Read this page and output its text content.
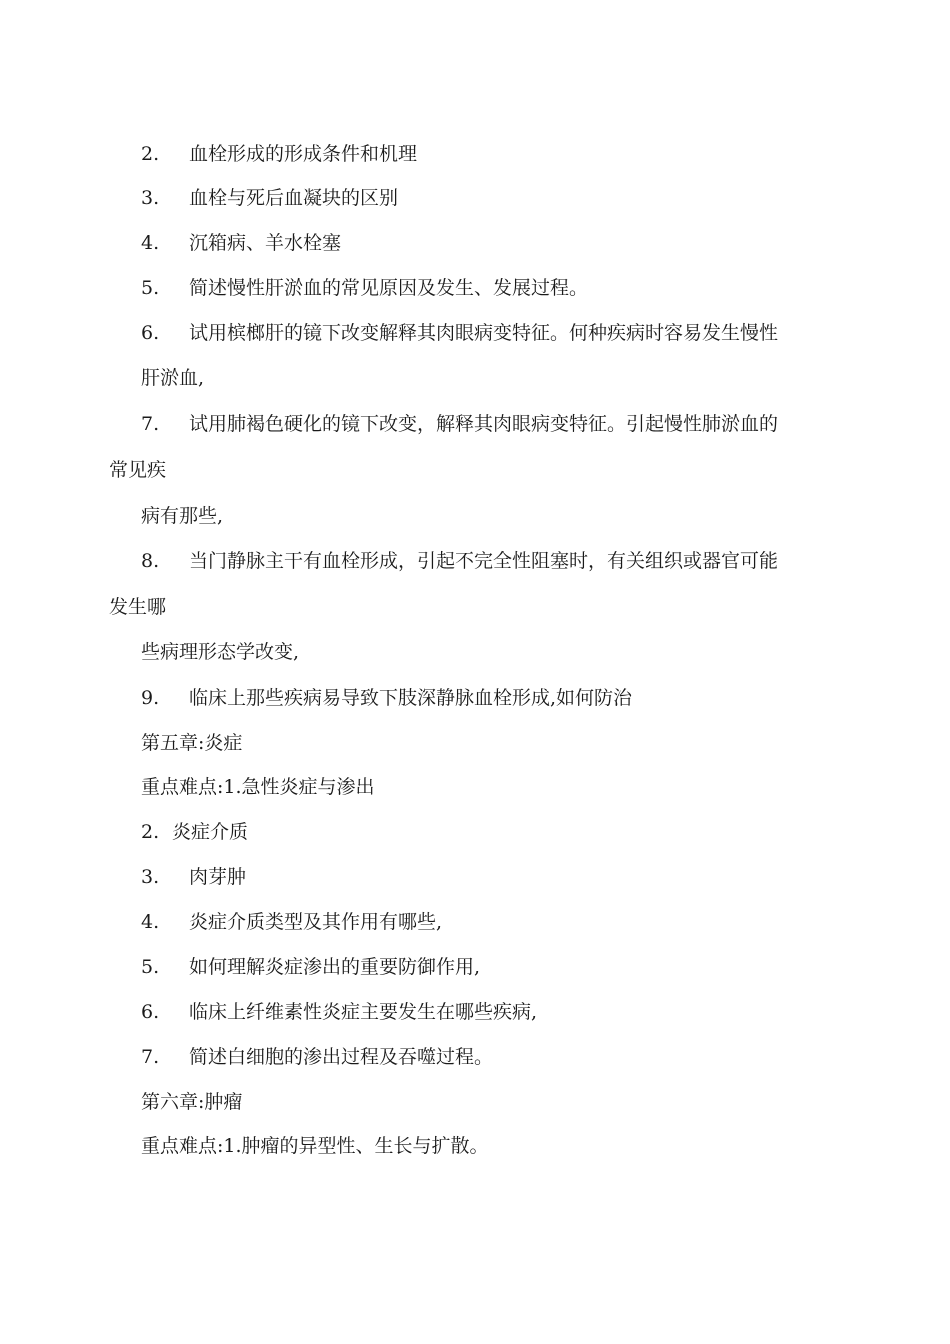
2. 血栓形成的形成条件和机理
3. 血栓与死后血凝块的区别
4. 沉箱病、羊水栓塞
5. 简述慢性肝淤血的常见原因及发生、发展过程。
6. 试用槟榔肝的镜下改变解释其肉眼病变特征。何种疾病时容易发生慢性
肝淤血,
7. 试用肺褐色硬化的镜下改变，解释其肉眼病变特征。引起慢性肺淤血的
常见疾
病有那些,
8. 当门静脉主干有血栓形成，引起不完全性阻塞时，有关组织或器官可能
发生哪
些病理形态学改变,
9. 临床上那些疾病易导致下肢深静脉血栓形成,如何防治
第五章:炎症
重点难点:1.急性炎症与渗出
2. 炎症介质
3. 肉芽肿
4. 炎症介质类型及其作用有哪些,
5. 如何理解炎症渗出的重要防御作用,
6. 临床上纤维素性炎症主要发生在哪些疾病,
7. 简述白细胞的渗出过程及吞噬过程。
第六章:肿瘤
重点难点:1.肿瘤的异型性、生长与扩散。
